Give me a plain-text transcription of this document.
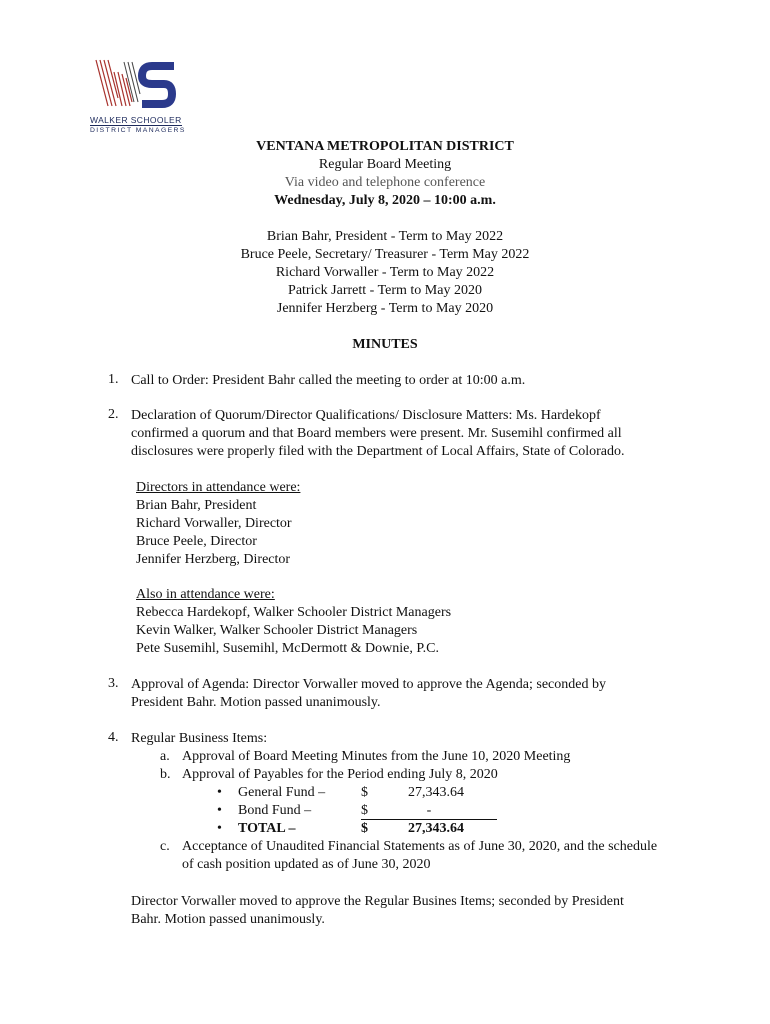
WALKER SCHOOLER
DISTRICT MANAGERS
VENTANA METROPOLITAN DISTRICT
Regular Board Meeting
Via video and telephone conference
Wednesday, July 8, 2020 – 10:00 a.m.
Brian Bahr, President - Term to May 2022
Bruce Peele, Secretary/ Treasurer - Term May 2022
Richard Vorwaller - Term to May 2022
Patrick Jarrett - Term to May 2020
Jennifer Herzberg - Term to May 2020
MINUTES
1. Call to Order: President Bahr called the meeting to order at 10:00 a.m.
2. Declaration of Quorum/Director Qualifications/ Disclosure Matters: Ms. Hardekopf
confirmed a quorum and that Board members were present. Mr. Susemihl confirmed all
disclosures were properly filed with the Department of Local Affairs, State of Colorado.
Directors in attendance were:
Brian Bahr, President
Richard Vorwaller, Director
Bruce Peele, Director
Jennifer Herzberg, Director
Also in attendance were:
Rebecca Hardekopf, Walker Schooler District Managers
Kevin Walker, Walker Schooler District Managers
Pete Susemihl, Susemihl, McDermott & Downie, P.C.
3. Approval of Agenda: Director Vorwaller moved to approve the Agenda; seconded by
President Bahr. Motion passed unanimously.
4. Regular Business Items:
a. Approval of Board Meeting Minutes from the June 10, 2020 Meeting
b. Approval of Payables for the Period ending July 8, 2020
• General Fund –	$	27,343.64
• Bond Fund –	$	-
• TOTAL –	$	27,343.64
c. Acceptance of Unaudited Financial Statements as of June 30, 2020, and the schedule
of cash position updated as of June 30, 2020
Director Vorwaller moved to approve the Regular Busines Items; seconded by President
Bahr. Motion passed unanimously.
